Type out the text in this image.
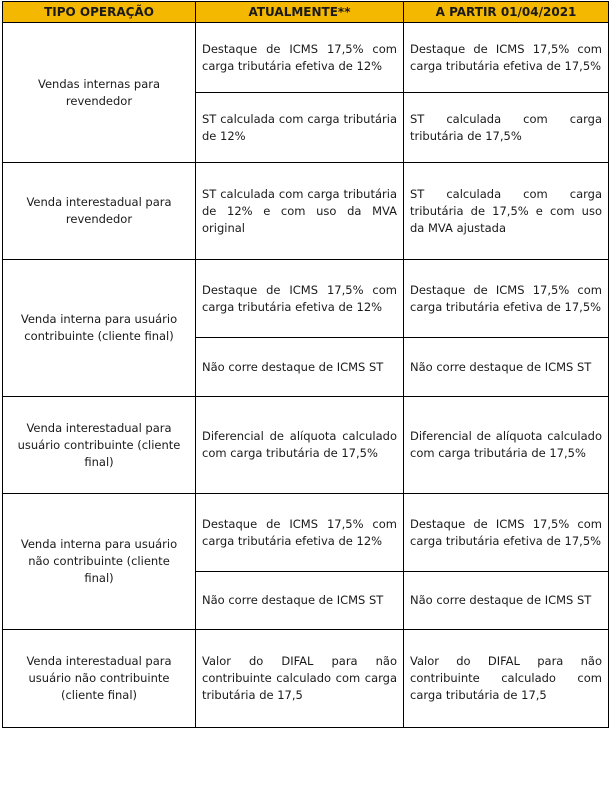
TIPO OPERAÇÃO	ATUALMENTE**	A PARTIR 01/04/2021
Vendas internas para revendedor	Destaque de ICMS 17,5% com carga tributária efetiva de 12%	Destaque de ICMS 17,5% com carga tributária efetiva de 17,5%
	ST calculada com carga tributária de 12%	ST calculada com carga tributária de 17,5%
Venda interestadual para revendedor	ST calculada com carga tributária de 12% e com uso da MVA original	ST calculada com carga tributária de 17,5% e com uso da MVA ajustada
Venda interna para usuário contribuinte (cliente final)	Destaque de ICMS 17,5% com carga tributária efetiva de 12%	Destaque de ICMS 17,5% com carga tributária efetiva de 17,5%
	Não corre destaque de ICMS ST	Não corre destaque de ICMS ST
Venda interestadual para usuário contribuinte (cliente final)	Diferencial de alíquota calculado com carga tributária de 17,5%	Diferencial de alíquota calculado com carga tributária de 17,5%
Venda interna para usuário não contribuinte (cliente final)	Destaque de ICMS 17,5% com carga tributária efetiva de 12%	Destaque de ICMS 17,5% com carga tributária efetiva de 17,5%
	Não corre destaque de ICMS ST	Não corre destaque de ICMS ST
Venda interestadual para usuário não contribuinte (cliente final)	Valor do DIFAL para não contribuinte calculado com carga tributária de 17,5	Valor do DIFAL para não contribuinte calculado com carga tributária de 17,5
